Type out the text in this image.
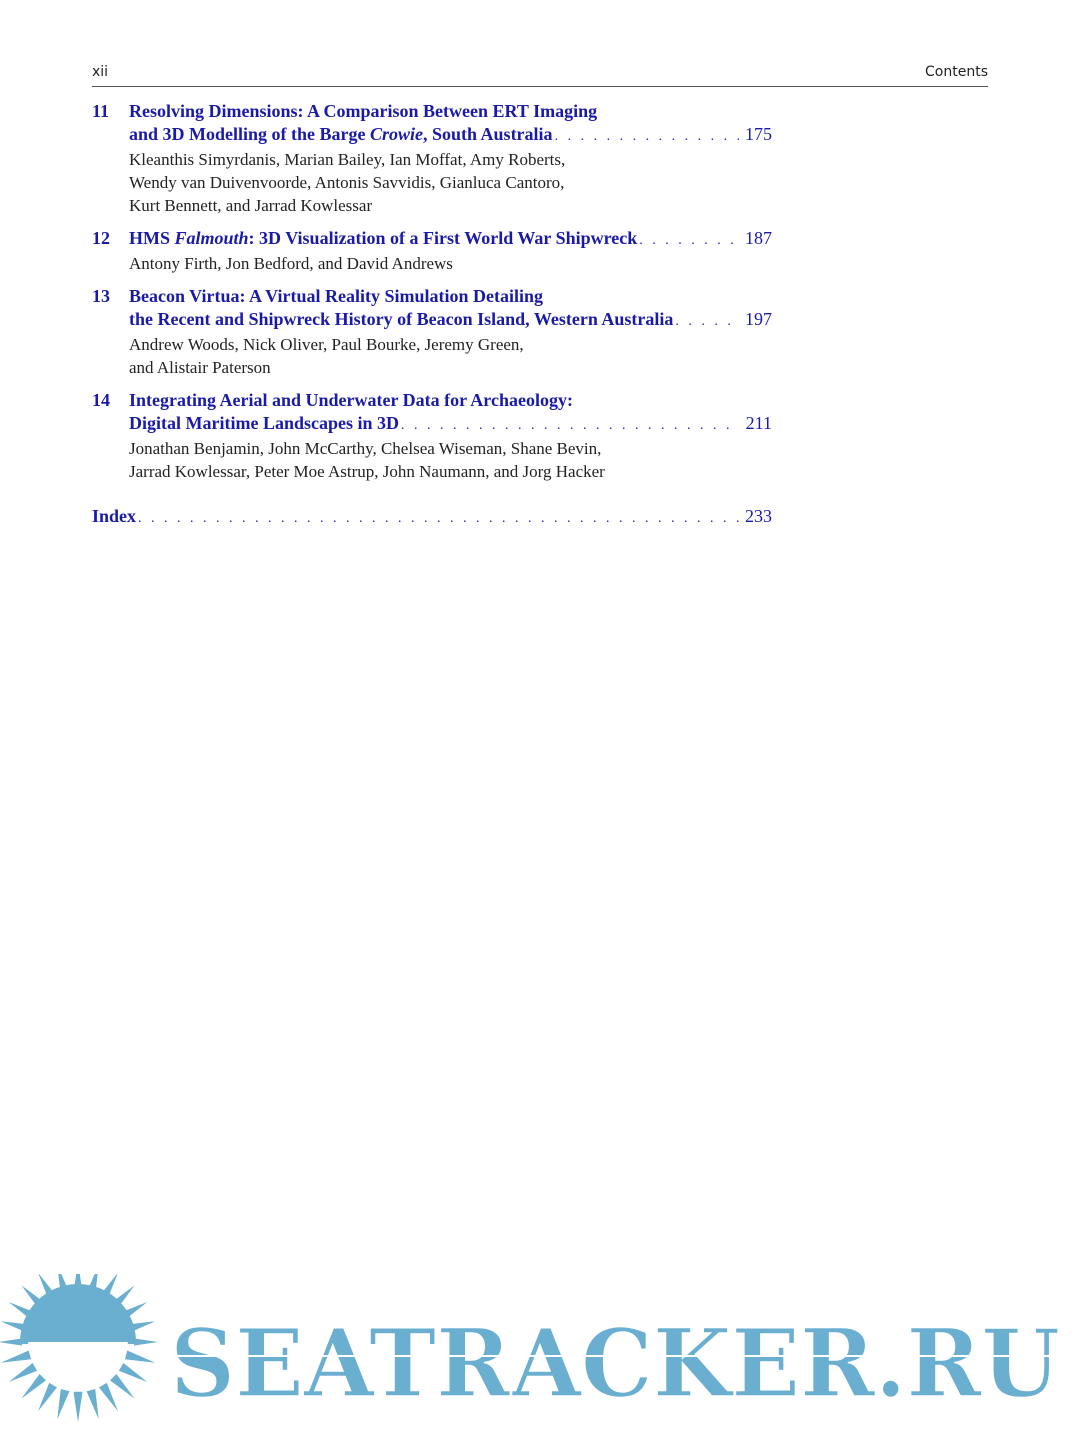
xii	Contents
11 Resolving Dimensions: A Comparison Between ERT Imaging
and 3D Modelling of the Barge Crowie, South Australia . . .	175
Kleanthis Simyrdanis, Marian Bailey, Ian Moffat, Amy Roberts,
Wendy van Duivenvoorde, Antonis Savvidis, Gianluca Cantoro,
Kurt Bennett, and Jarrad Kowlessar
12 HMS Falmouth: 3D Visualization of a First World War Shipwreck . . .	187
Antony Firth, Jon Bedford, and David Andrews
13 Beacon Virtua: A Virtual Reality Simulation Detailing
the Recent and Shipwreck History of Beacon Island, Western Australia . . .	197
Andrew Woods, Nick Oliver, Paul Bourke, Jeremy Green,
and Alistair Paterson
14 Integrating Aerial and Underwater Data for Archaeology:
Digital Maritime Landscapes in 3D . . .	211
Jonathan Benjamin, John McCarthy, Chelsea Wiseman, Shane Bevin,
Jarrad Kowlessar, Peter Moe Astrup, John Naumann, and Jorg Hacker
Index . . .	233
SEATRACKER.RU
